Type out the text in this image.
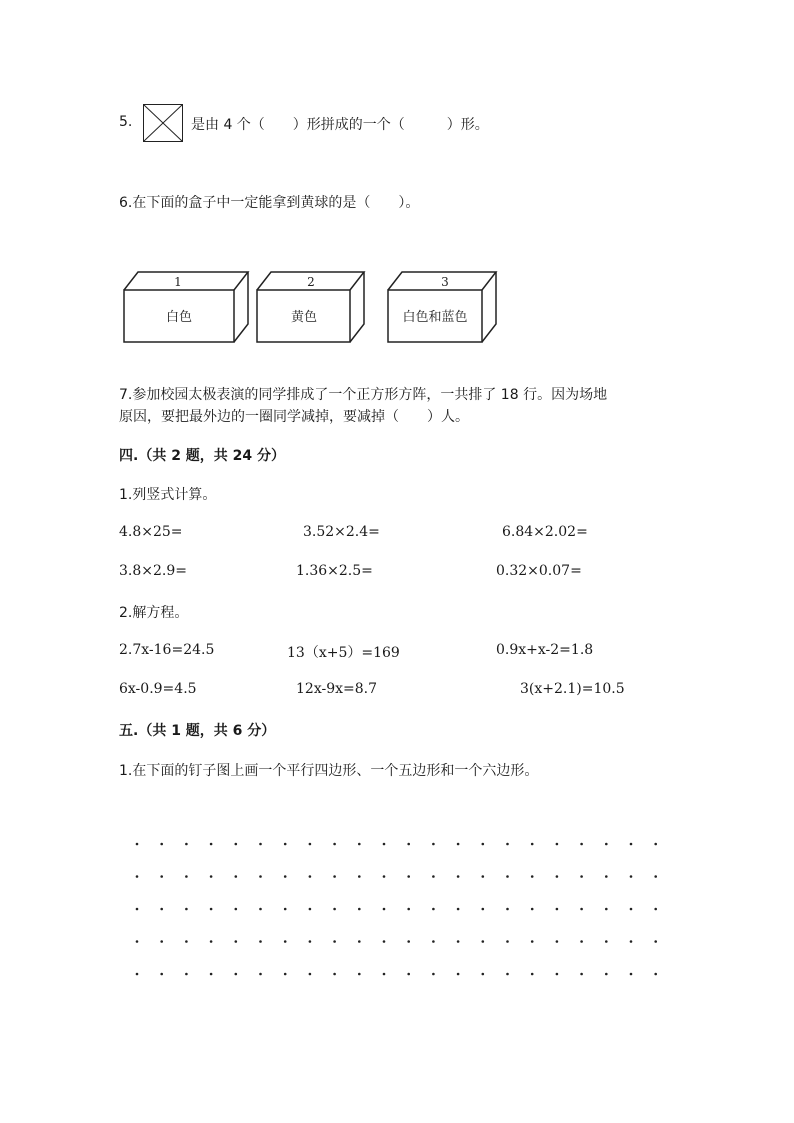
5.	是由 4 个（　　）形拼成的一个（　　　）形。
6.在下面的盒子中一定能拿到黄球的是（　　）。
1
白色
2
黄色
3
白色和蓝色
7.参加校园太极表演的同学排成了一个正方形方阵，一共排了 18 行。因为场地
原因，要把最外边的一圈同学减掉，要减掉（　　）人。
四.（共 2 题，共 24 分）
1.列竖式计算。
4.8×25=	3.52×2.4=	6.84×2.02=
3.8×2.9=	1.36×2.5=	0.32×0.07=
2.解方程。
2.7x-16=24.5	13（x+5）=169	0.9x+x-2=1.8
6x-0.9=4.5	12x-9x=8.7	3(x+2.1)=10.5
五.（共 1 题，共 6 分）
1.在下面的钉子图上画一个平行四边形、一个五边形和一个六边形。
